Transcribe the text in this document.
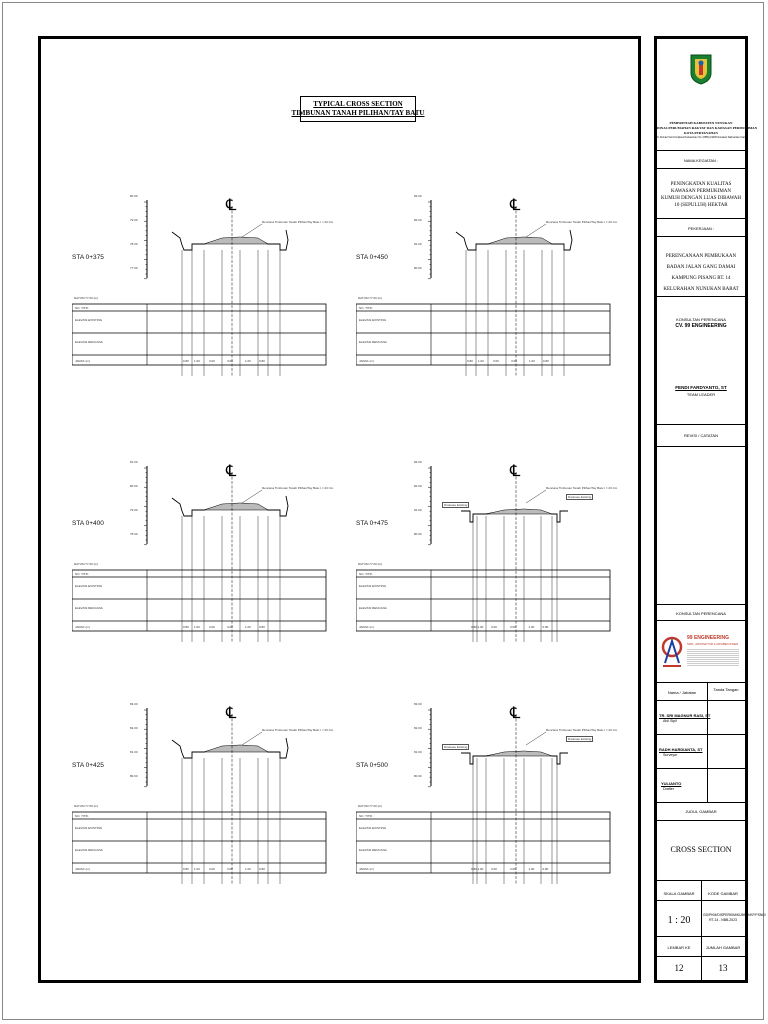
TYPICAL CROSS SECTION
TIMBUNAN TANAH PILIHAN/TAY BATU
STA 0+375
℄
Rencana Timbunan Tanah Pilihan/Tay Batu t = 20 Cm
80.00
79.00
78.00
77.00
DATUM 77.00 (m)
NO. TITIK
ELEVASI EXISTING
ELEVASI RENCANA
JARAK (m)	0.80 1.00	3.00	3.00	1.00	0.80
STA 0+450
℄
Rencana Timbunan Tanah Pilihan/Tay Batu t = 20 Cm
83.00
82.00
81.00
80.00
DATUM 77.00 (m)
NO. TITIK
ELEVASI EXISTING
ELEVASI RENCANA
JARAK (m)	0.80 1.00	3.00	3.00	1.00	0.80
STA 0+400
℄
Rencana Timbunan Tanah Pilihan/Tay Batu t = 20 Cm
81.00
80.00
79.00
78.00
DATUM 77.00 (m)
NO. TITIK
ELEVASI EXISTING
ELEVASI RENCANA
JARAK (m)	0.80 1.00	3.00	3.00	1.00	0.80
STA 0+475
℄
Rencana Timbunan Tanah Pilihan/Tay Batu t = 20 Cm
Drainase Existing
Drainase Existing
83.00
82.00
81.00
80.00
DATUM 77.00 (m)
NO. TITIK
ELEVASI EXISTING
ELEVASI RENCANA
JARAK (m)	0.80 1.00	3.00	3.00	1.00	0.80
STA 0+425
℄
Rencana Timbunan Tanah Pilihan/Tay Batu t = 20 Cm
83.00
82.00
81.00
80.00
DATUM 77.00 (m)
NO. TITIK
ELEVASI EXISTING
ELEVASI RENCANA
JARAK (m)	0.80 1.00	3.00	3.00	1.00	0.80
STA 0+500
℄
Rencana Timbunan Tanah Pilihan/Tay Batu t = 20 Cm
Drainase Existing
Drainase Existing
83.00
82.00
81.00
80.00
DATUM 77.00 (m)
NO. TITIK
ELEVASI EXISTING
ELEVASI RENCANA
JARAK (m)	0.80 1.00	3.00	3.00	1.00	0.80
PEMERINTAH KABUPATEN NUNUKAN
DINAS PERUMAHAN RAKYAT DAN KAWASAN PERMUKIMAN
KOTA PERTANAHAN
Jl. Ahmad Yani Kompleks Perkantoran Tel. (0556) 21000 Nunukan Kalimantan Utara
NAMA KEGIATAN :
PENINGKATAN KUALITAS KAWASAN PERMUKIMAN KUMUH DENGAN LUAS DIBAWAH 10 (SEPULUH) HEKTAR
PEKERJAAN :
PERENCANAAN PEMBUKAAN BADAN JALAN GANG DAMAI KAMPUNG PISANG RT. 14 KELURAHAN NUNUKAN BARAT
KONSULTAN PERENCANA
CV. 99 ENGINEERING
FENDI FARDYANTO, ST
TEAM LEADER
REVISI / CATATAN
KONSULTAN PERENCANA
99 ENGINEERING
SIPIL, ARSITEKTUR & ARSIBEKONSER
Nama / Jabatan
Tanda Tangan
TR. SRI MAGNUR RASI, ST
Ahli Sipil
RADH HARDIANTA, ST
Surveyor
YULIANTO
Drafter
JUDUL GAMBAR
CROSS SECTION
SKALA GAMBAR	KODE GAMBAR
1 : 20	GD/PKM/DISPERKIM/KUMUH/KP.PSNG/ RT-14 - NBB-2023
LEMBAR KE	JUMLAH GAMBAR
12	13
